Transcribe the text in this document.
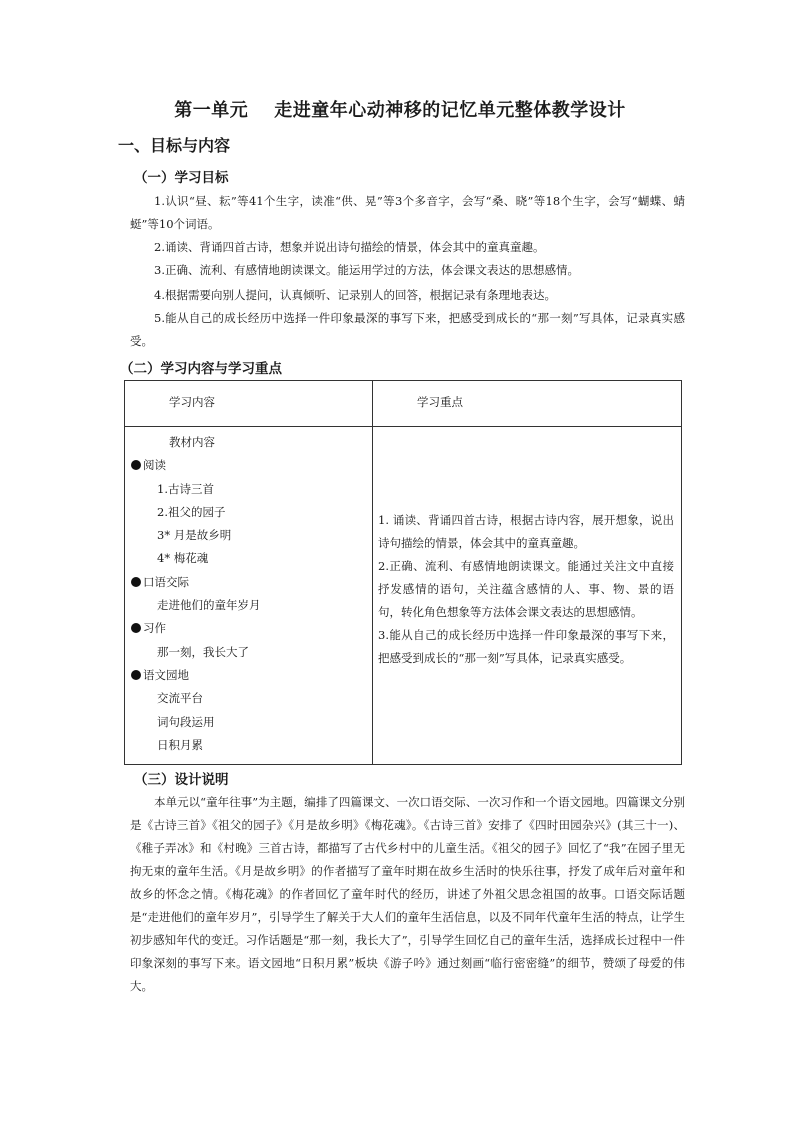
第一单元 走进童年心动神移的记忆单元整体教学设计
一、目标与内容
（一）学习目标

1.认识“昼、耘”等41个生字，读准“供、晃”等3个多音字，会写“桑、晓”等18个生字，会写“蝴蝶、蜻蜓”等10个词语。

2.诵读、背诵四首古诗，想象并说出诗句描绘的情景，体会其中的童真童趣。

3.正确、流利、有感情地朗读课文。能运用学过的方法，体会课文表达的思想感情。

4.根据需要向别人提问，认真倾听、记录别人的回答，根据记录有条理地表达。

5.能从自己的成长经历中选择一件印象最深的事写下来，把感受到成长的“那一刻”写具体，记录真实感受。

（二）学习内容与学习重点
学习内容	学习重点
教材内容
阅读
1.古诗三首
2.祖父的园子
3* 月是故乡明
4* 梅花魂
口语交际
走进他们的童年岁月
习作
那一刻，我长大了
语文园地
交流平台
词句段运用
日积月累

1. 诵读、背诵四首古诗，根据古诗内容，展开想象，说出诗句描绘的情景，体会其中的童真童趣。

2.正确、流利、有感情地朗读课文。能通过关注文中直接抒发感情的语句，关注蕴含感情的人、事、物、景的语句，转化角色想象等方法体会课文表达的思想感情。

3.能从自己的成长经历中选择一件印象最深的事写下来，把感受到成长的“那一刻”写具体，记录真实感受。

（三）设计说明

本单元以“童年往事”为主题，编排了四篇课文、一次口语交际、一次习作和一个语文园地。四篇课文分别是《古诗三首》《祖父的园子》《月是故乡明》《梅花魂》。《古诗三首》安排了《四时田园杂兴》(其三十一)、《稚子弄冰》和《村晚》三首古诗，都描写了古代乡村中的儿童生活。《祖父的园子》回忆了“我”在园子里无拘无束的童年生活。《月是故乡明》的作者描写了童年时期在故乡生活时的快乐往事，抒发了成年后对童年和故乡的怀念之情。《梅花魂》的作者回忆了童年时代的经历，讲述了外祖父思念祖国的故事。口语交际话题是“走进他们的童年岁月”，引导学生了解关于大人们的童年生活信息，以及不同年代童年生活的特点，让学生初步感知年代的变迁。习作话题是“那一刻，我长大了”，引导学生回忆自己的童年生活，选择成长过程中一件印象深刻的事写下来。语文园地“日积月累”板块《游子吟》通过刻画“临行密密缝”的细节，赞颂了母爱的伟大。
